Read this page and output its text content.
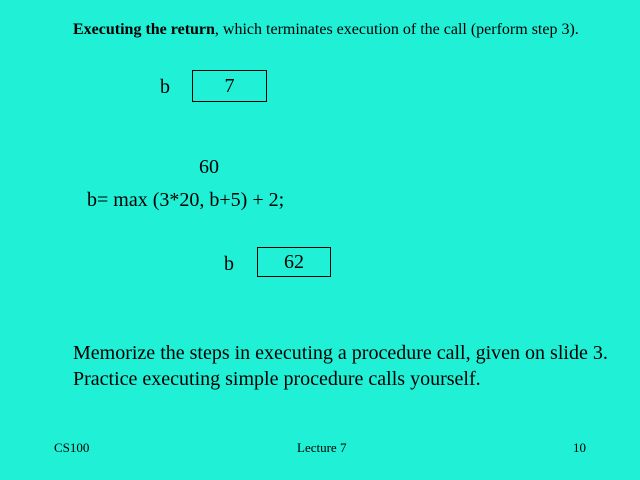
Executing the return, which terminates execution of the call (perform step 3).
b	7
60
b= max (3*20, b+5) + 2;
b	62
Memorize the steps in executing a procedure call, given on slide 3. Practice executing simple procedure calls yourself.
CS100	Lecture 7	10
